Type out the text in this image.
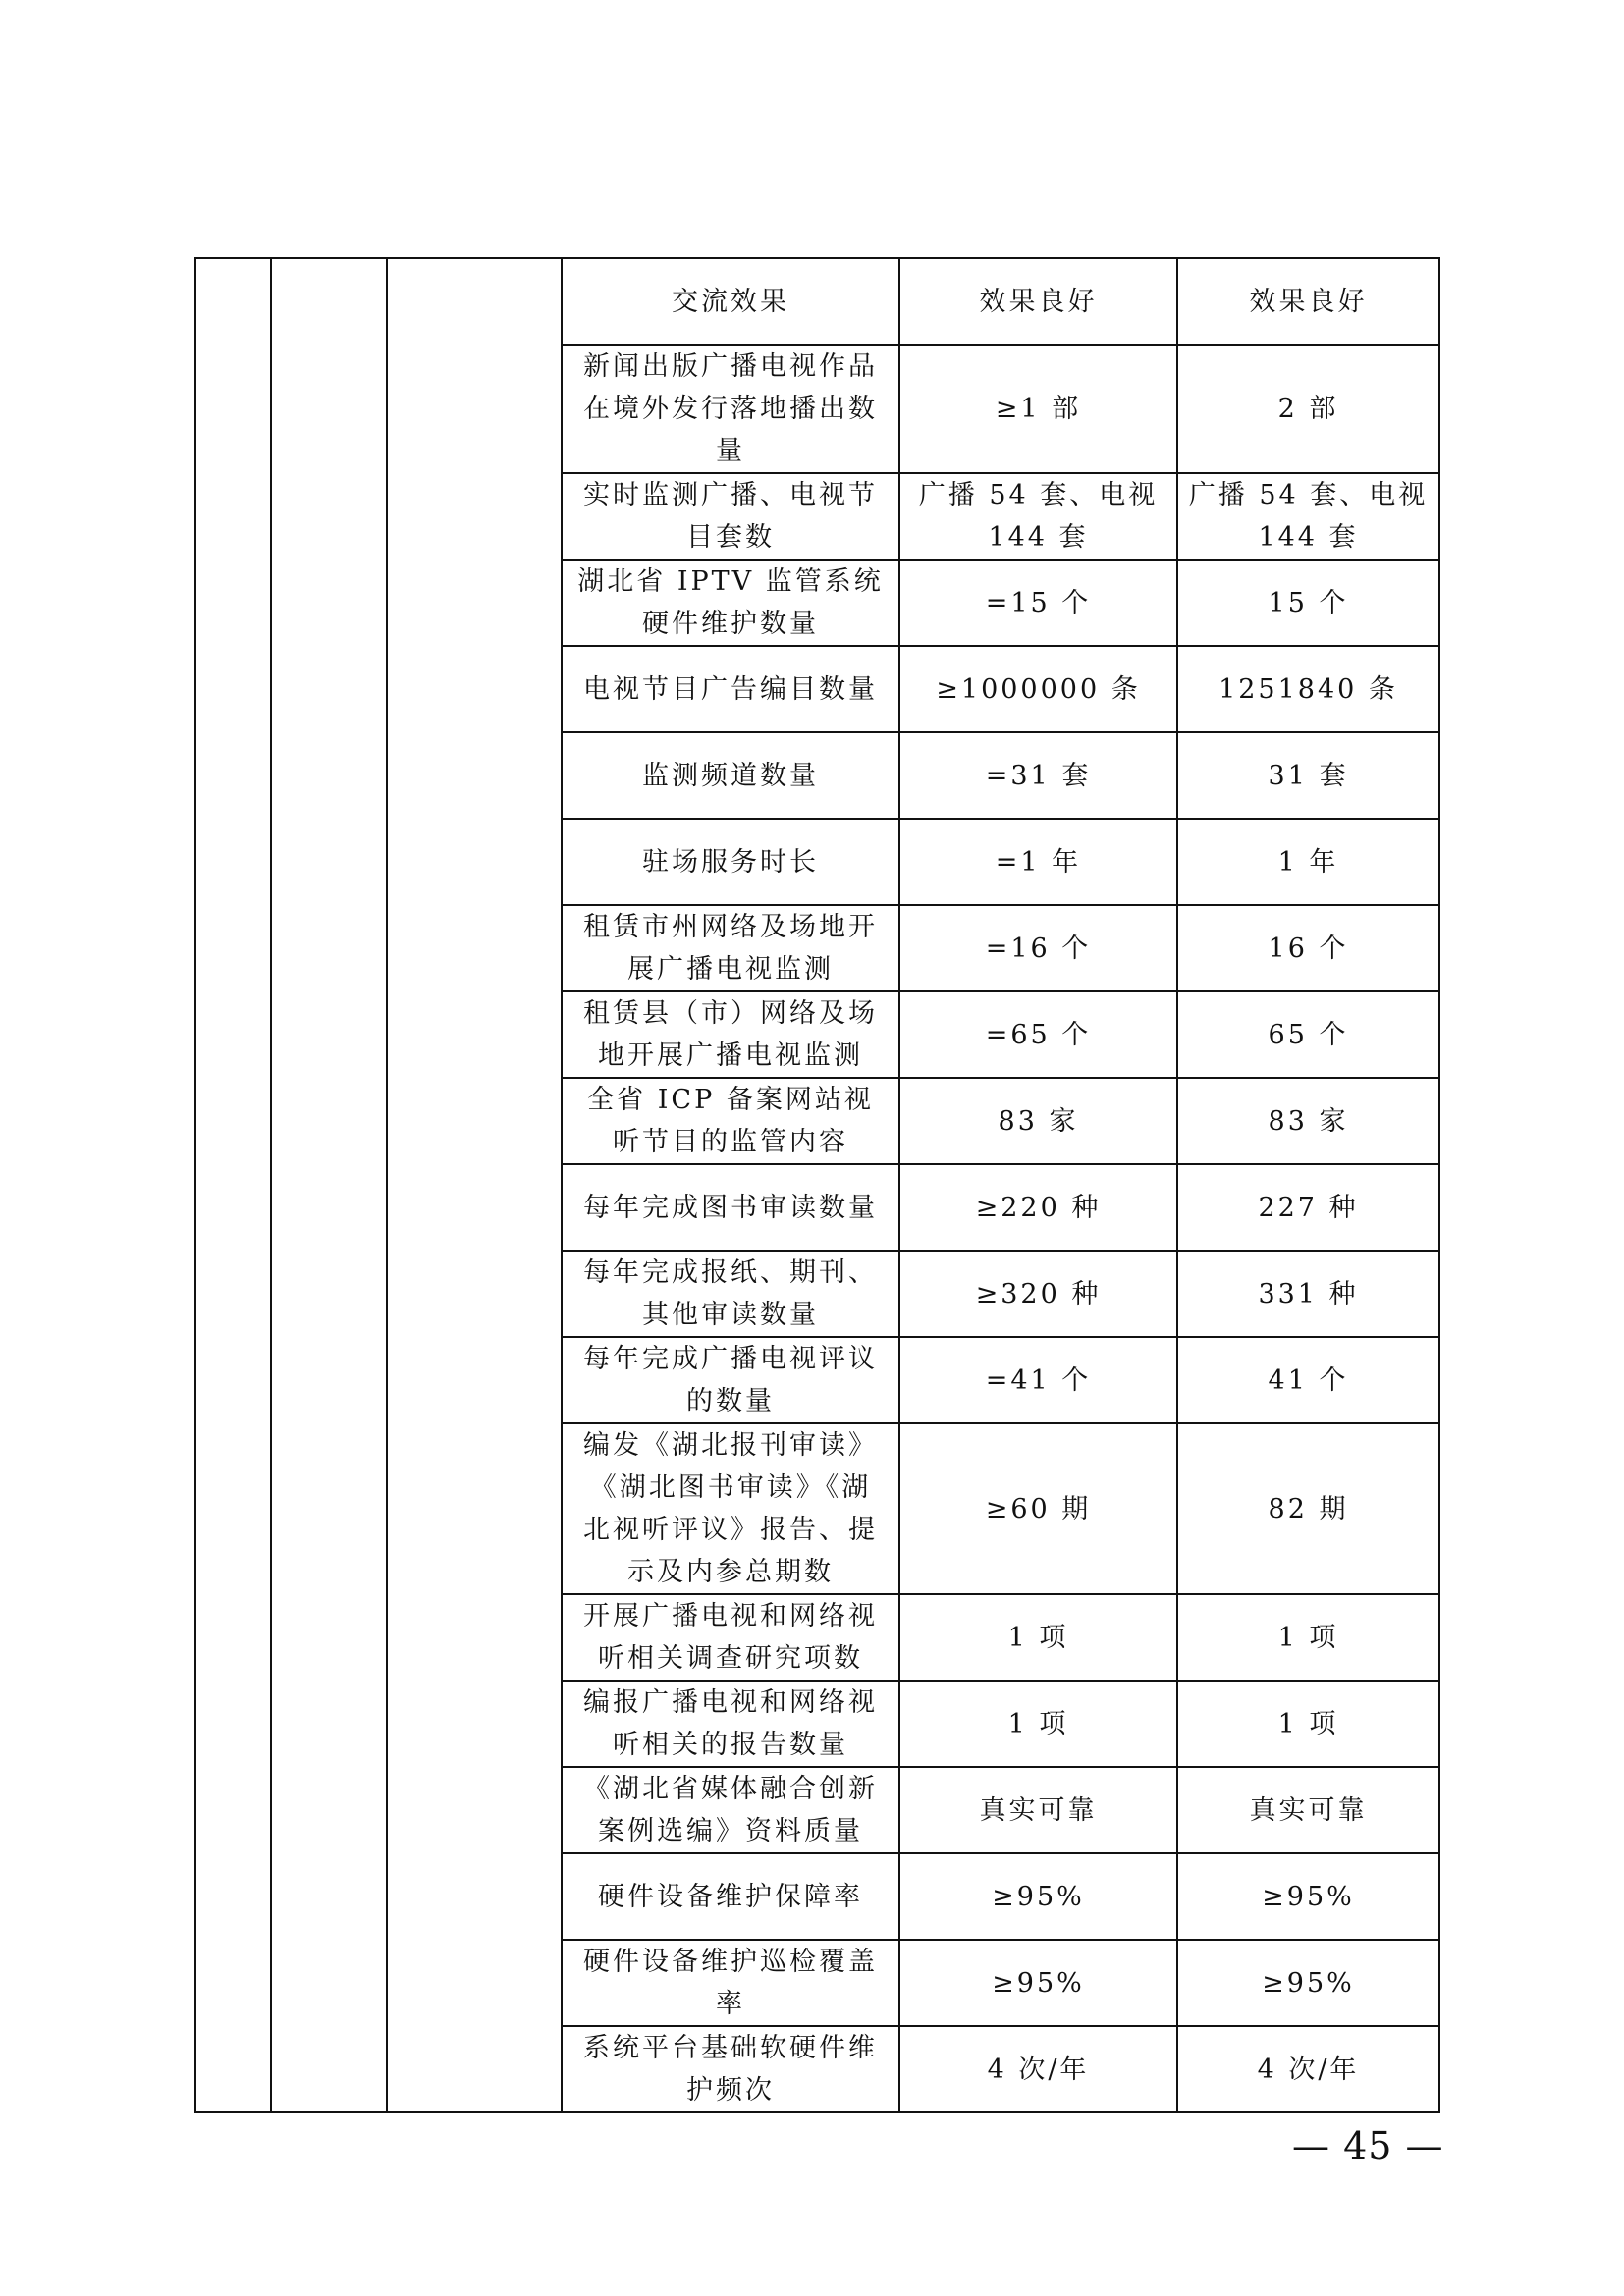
			交流效果	效果良好	效果良好
			新闻出版广播电视作品在境外发行落地播出数量	≥1 部	2 部
			实时监测广播、电视节目套数	广播 54 套、电视 144 套	广播 54 套、电视 144 套
			湖北省 IPTV 监管系统硬件维护数量	=15 个	15 个
			电视节目广告编目数量	≥1000000 条	1251840 条
			监测频道数量	=31 套	31 套
			驻场服务时长	=1 年	1 年
			租赁市州网络及场地开展广播电视监测	=16 个	16 个
			租赁县（市）网络及场地开展广播电视监测	=65 个	65 个
			全省 ICP 备案网站视听节目的监管内容	83 家	83 家
			每年完成图书审读数量	≥220 种	227 种
			每年完成报纸、期刊、其他审读数量	≥320 种	331 种
			每年完成广播电视评议的数量	=41 个	41 个
			编发《湖北报刊审读》《湖北图书审读》《湖北视听评议》报告、提示及内参总期数	≥60 期	82 期
			开展广播电视和网络视听相关调查研究项数	1 项	1 项
			编报广播电视和网络视听相关的报告数量	1 项	1 项
			《湖北省媒体融合创新案例选编》资料质量	真实可靠	真实可靠
			硬件设备维护保障率	≥95%	≥95%
			硬件设备维护巡检覆盖率	≥95%	≥95%
			系统平台基础软硬件维护频次	4 次/年	4 次/年
— 45 —
